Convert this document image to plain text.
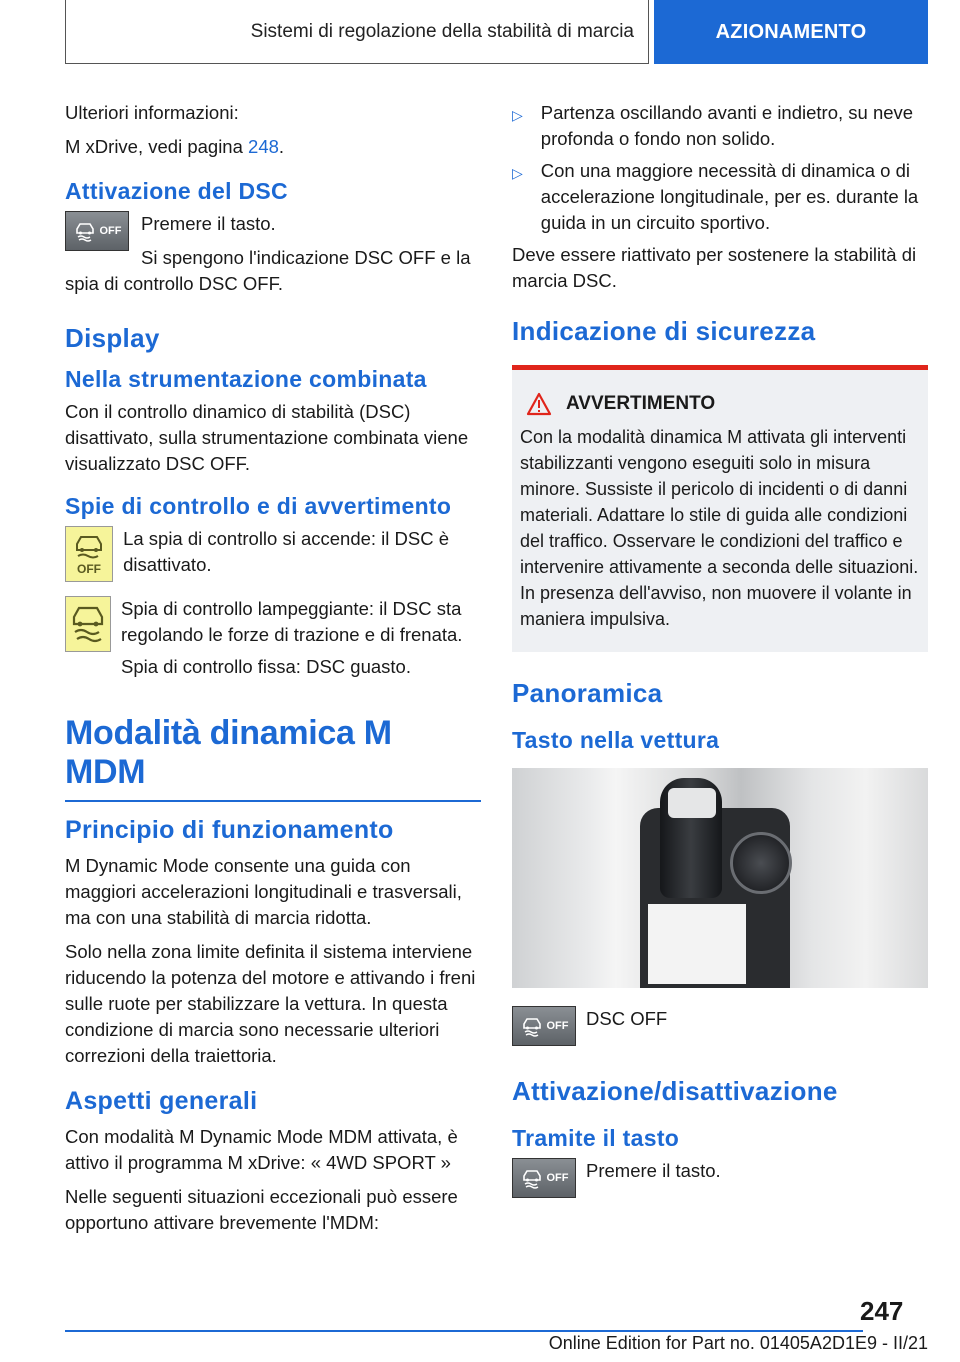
Sistemi di regolazione della stabilità di marcia	AZIONAMENTO

Ulteriori informazioni:

M xDrive, vedi pagina 248.

Attivazione del DSC
OFF	Premere il tasto.

Si spengono l'indicazione DSC OFF e la spia di controllo DSC OFF.

Display
Nella strumentazione combinata

Con il controllo dinamico di stabilità (DSC) disattivato, sulla strumentazione combinata viene visualizzato DSC OFF.

Spie di controllo e di avvertimento
OFF

La spia di controllo si accende: il DSC è disattivato.

Spia di controllo lampeggiante: il DSC sta regolando le forze di trazione e di frenata.

Spia di controllo fissa: DSC guasto.

Modalità dinamica M MDM
Principio di funzionamento

M Dynamic Mode consente una guida con maggiori accelerazioni longitudinali e trasversali, ma con una stabilità di marcia ridotta.

Solo nella zona limite definita il sistema interviene riducendo la potenza del motore e attivando i freni sulle ruote per stabilizzare la vettura. In questa condizione di marcia sono necessarie ulteriori correzioni della traiettoria.

Aspetti generali

Con modalità M Dynamic Mode MDM attivata, è attivo il programma M xDrive: « 4WD SPORT »

Nelle seguenti situazioni eccezionali può essere opportuno attivare brevemente l'MDM:

▷ Partenza oscillando avanti e indietro, su neve profonda o fondo non solido.
▷ Con una maggiore necessità di dinamica o di accelerazione longitudinale, per es. durante la guida in un circuito sportivo.

Deve essere riattivato per sostenere la stabilità di marcia DSC.

Indicazione di sicurezza
AVVERTIMENTO

Con la modalità dinamica M attivata gli interventi stabilizzanti vengono eseguiti solo in misura minore. Sussiste il pericolo di incidenti o di danni materiali. Adattare lo stile di guida alle condizioni del traffico. Osservare le condizioni del traffico e intervenire attivamente a seconda delle situazioni. In presenza dell'avviso, non muovere il volante in maniera impulsiva.

Panoramica
Tasto nella vettura
OFF DSC OFF

Attivazione/disattivazione
Tramite il tasto
OFF Premere il tasto.

247
Online Edition for Part no. 01405A2D1E9 - II/21
